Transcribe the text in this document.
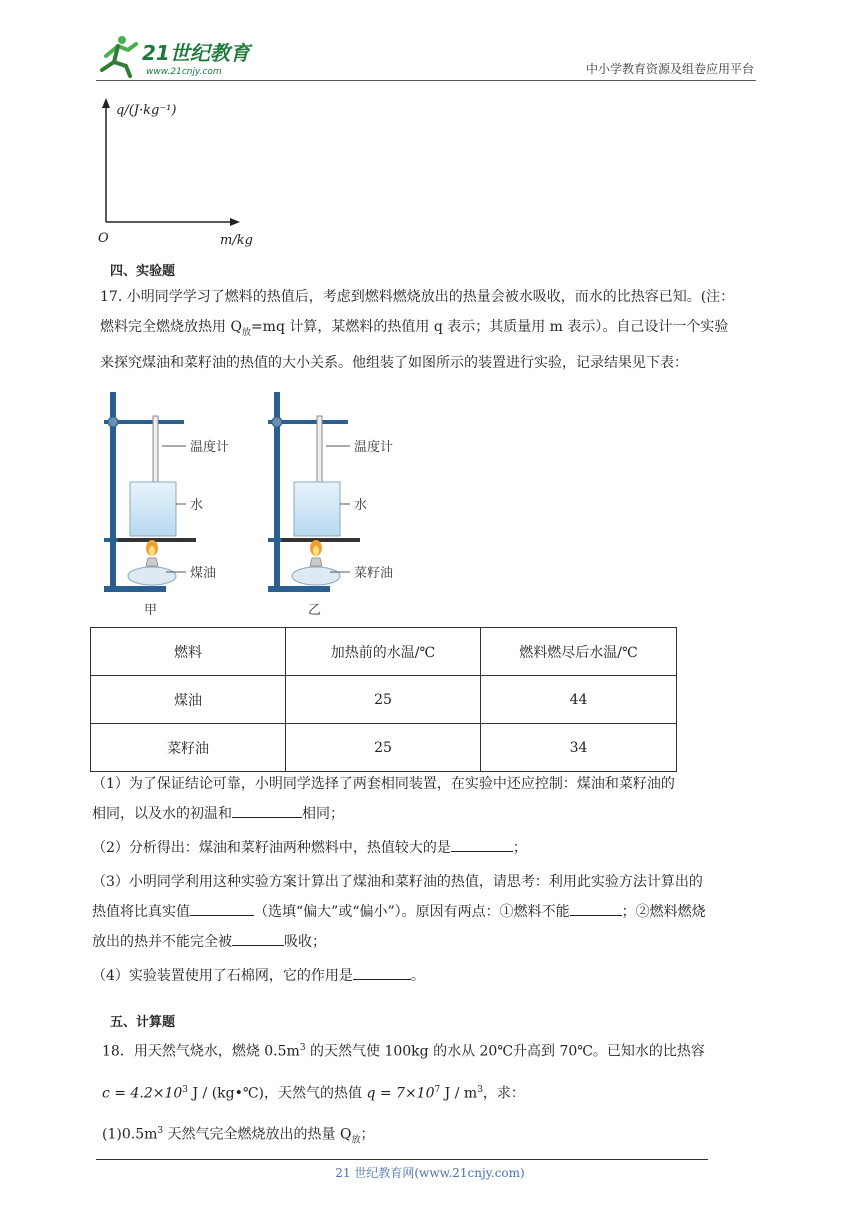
21世纪教育
www.21cnjy.com	中小学教育资源及组卷应用平台
q/(J·kg⁻¹)
m/kg
O
四、实验题
17. 小明同学学习了燃料的热值后，考虑到燃料燃烧放出的热量会被水吸收，而水的比热容已知。(注：
燃料完全燃烧放热用 $Q_放=mq$ 计算，某燃料的热值用 q 表示；其质量用 m 表示）。自己设计一个实验
来探究煤油和菜籽油的热值的大小关系。他组装了如图所示的装置进行实验，记录结果见下表：
温度计
水
煤油
甲
温度计
水
菜籽油
乙
燃料	加热前的水温/℃	燃料燃尽后水温/℃
煤油	25	44
菜籽油	25	34
（1）为了保证结论可靠，小明同学选择了两套相同装置，在实验中还应控制：煤油和菜籽油的
相同，以及水的初温和	相同；
（2）分析得出：煤油和菜籽油两种燃料中，热值较大的是	；
（3）小明同学利用这种实验方案计算出了煤油和菜籽油的热值，请思考：利用此实验方法计算出的
热值将比真实值	（选填“偏大”或“偏小”）。原因有两点：①燃料不能	；②燃料燃烧
放出的热并不能完全被	吸收；
（4）实验装置使用了石棉网，它的作用是	。
五、计算题
18．用天然气烧水，燃烧 $0.5m^3$ 的天然气使 100kg 的水从 20℃升高到 70℃。已知水的比热容
$c = 4.2\times 10^3$ J / (kg•℃)，天然气的热值 $q = 7\times 10^7$ J / $m^3$，求：
$(1)0.5m^3$ 天然气完全燃烧放出的热量 $Q_放$；
21 世纪教育网(www.21cnjy.com)
